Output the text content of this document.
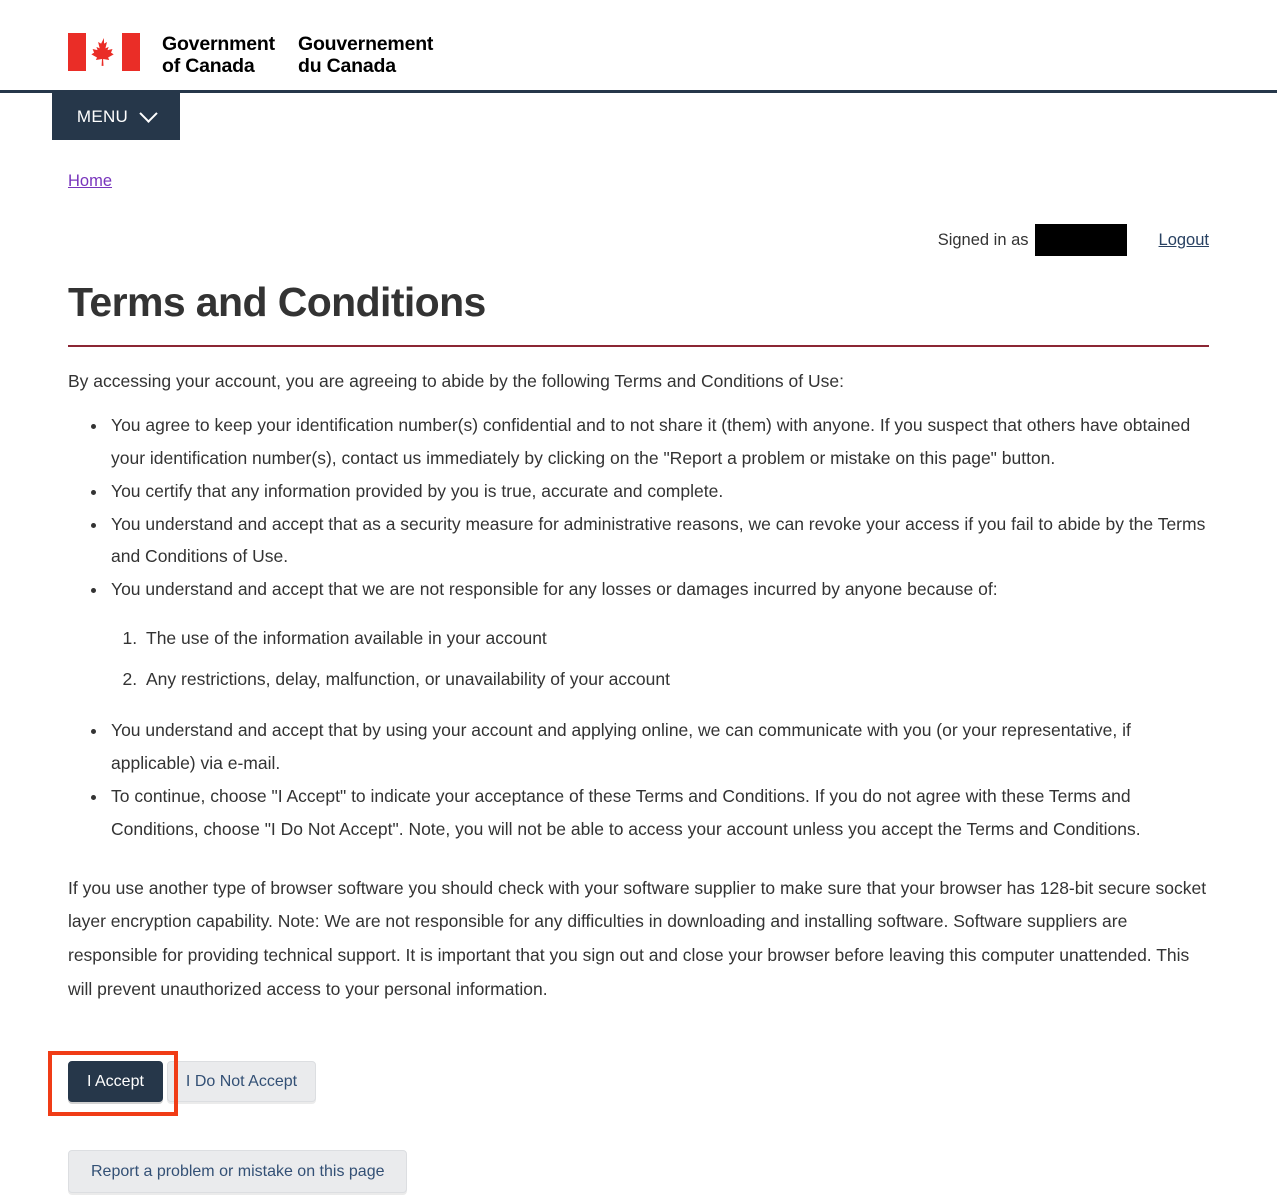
Government
of Canada
Gouvernement
du Canada
MENU
Home
Signed in as	Logout
Terms and Conditions

By accessing your account, you are agreeing to abide by the following Terms and Conditions of Use:

• You agree to keep your identification number(s) confidential and to not share it (them) with anyone. If you suspect that others have obtained your identification number(s), contact us immediately by clicking on the "Report a problem or mistake on this page" button.
• You certify that any information provided by you is true, accurate and complete.
• You understand and accept that as a security measure for administrative reasons, we can revoke your access if you fail to abide by the Terms and Conditions of Use.
• You understand and accept that we are not responsible for any losses or damages incurred by anyone because of:
1. The use of the information available in your account
2. Any restrictions, delay, malfunction, or unavailability of your account
• You understand and accept that by using your account and applying online, we can communicate with you (or your representative, if applicable) via e-mail.
• To continue, choose "I Accept" to indicate your acceptance of these Terms and Conditions. If you do not agree with these Terms and Conditions, choose "I Do Not Accept". Note, you will not be able to access your account unless you accept the Terms and Conditions.

If you use another type of browser software you should check with your software supplier to make sure that your browser has 128-bit secure socket layer encryption capability. Note: We are not responsible for any difficulties in downloading and installing software. Software suppliers are responsible for providing technical support. It is important that you sign out and close your browser before leaving this computer unattended. This will prevent unauthorized access to your personal information.

I Accept	I Do Not Accept
Report a problem or mistake on this page
